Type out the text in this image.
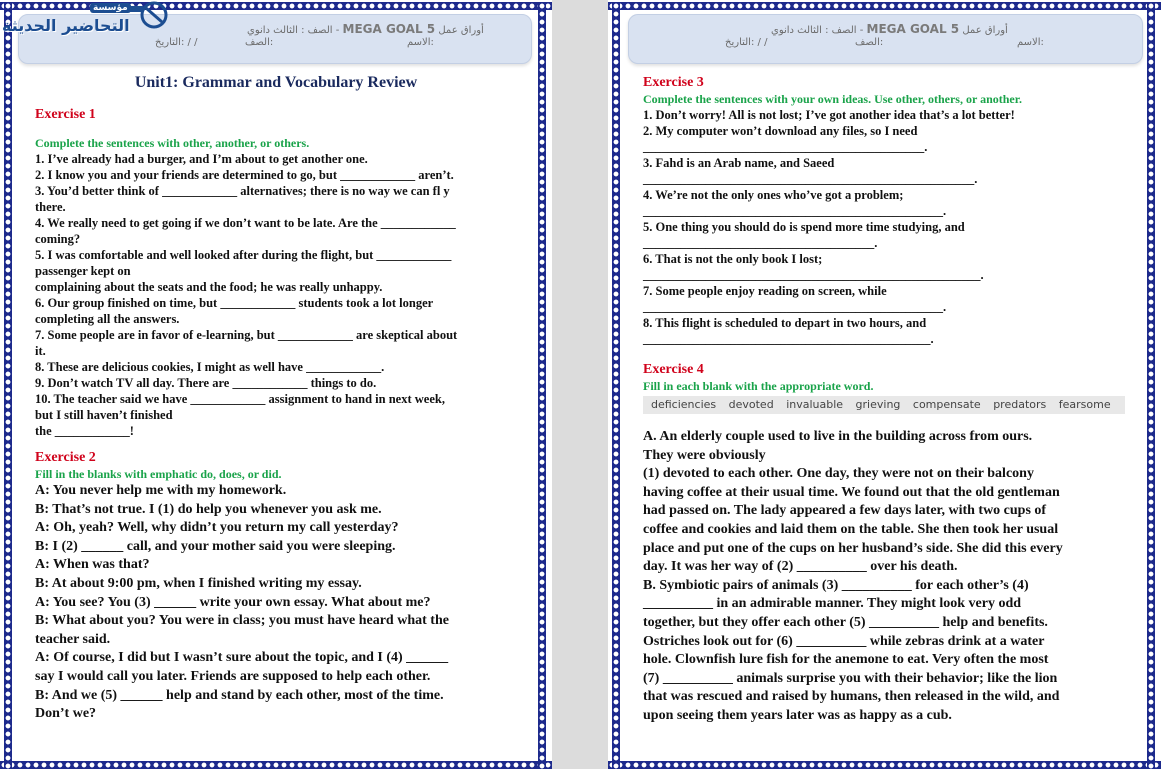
أوراق عمل MEGA GOAL 5 - الصف : الثالث دانوي
التاريخ: / /	الصف:	الاسم:
مؤسسة
التحاضير الحديثة

Unit1: Grammar and Vocabulary Review

Exercise 1

Complete the sentences with other, another, or others.

1. I’ve already had a burger, and I’m about to get another one.

2. I know you and your friends are determined to go, but ____________ aren’t.

3. You’d better think of ____________ alternatives; there is no way we can fl y

there.

4. We really need to get going if we don’t want to be late. Are the ____________

coming?

5. I was comfortable and well looked after during the flight, but ____________

passenger kept on

complaining about the seats and the food; he was really unhappy.

6. Our group finished on time, but ____________ students took a lot longer

completing all the answers.

7. Some people are in favor of e-learning, but ____________ are skeptical about

it.

8. These are delicious cookies, I might as well have ____________.

9. Don’t watch TV all day. There are ____________ things to do.

10. The teacher said we have ____________ assignment to hand in next week,

but I still haven’t finished

the ____________!

Exercise 2

Fill in the blanks with emphatic do, does, or did.

A: You never help me with my homework.

B: That’s not true. I (1) do help you whenever you ask me.

A: Oh, yeah? Well, why didn’t you return my call yesterday?

B: I (2) ______ call, and your mother said you were sleeping.

A: When was that?

B: At about 9:00 pm, when I finished writing my essay.

A: You see? You (3) ______ write your own essay. What about me?

B: What about you? You were in class; you must have heard what the

teacher said.

A: Of course, I did but I wasn’t sure about the topic, and I (4) ______

say I would call you later. Friends are supposed to help each other.

B: And we (5) ______ help and stand by each other, most of the time.

Don’t we?

أوراق عمل MEGA GOAL 5 - الصف : الثالث دانوي
التاريخ: / /	الصف:	الاسم:

Exercise 3

Complete the sentences with your own ideas. Use other, others, or another.

1. Don’t worry! All is not lost; I’ve got another idea that’s a lot better!

2. My computer won’t download any files, so I need

_____________________________________________.

3. Fahd is an Arab name, and Saeed

_____________________________________________________.

4. We’re not the only ones who’ve got a problem;

________________________________________________.

5. One thing you should do is spend more time studying, and

_____________________________________.

6. That is not the only book I lost;

______________________________________________________.

7. Some people enjoy reading on screen, while

________________________________________________.

8. This flight is scheduled to depart in two hours, and

______________________________________________.

Exercise 4

Fill in each blank with the appropriate word.

deficiencies devoted invaluable grieving compensate predators fearsome

A. An elderly couple used to live in the building across from ours.

They were obviously

(1) devoted to each other. One day, they were not on their balcony

having coffee at their usual time. We found out that the old gentleman

had passed on. The lady appeared a few days later, with two cups of

coffee and cookies and laid them on the table. She then took her usual

place and put one of the cups on her husband’s side. She did this every

day. It was her way of (2) __________ over his death.

B. Symbiotic pairs of animals (3) __________ for each other’s (4)

__________ in an admirable manner. They might look very odd

together, but they offer each other (5) __________ help and benefits.

Ostriches look out for (6) __________ while zebras drink at a water

hole. Clownfish lure fish for the anemone to eat. Very often the most

(7) __________ animals surprise you with their behavior; like the lion

that was rescued and raised by humans, then released in the wild, and

upon seeing them years later was as happy as a cub.
